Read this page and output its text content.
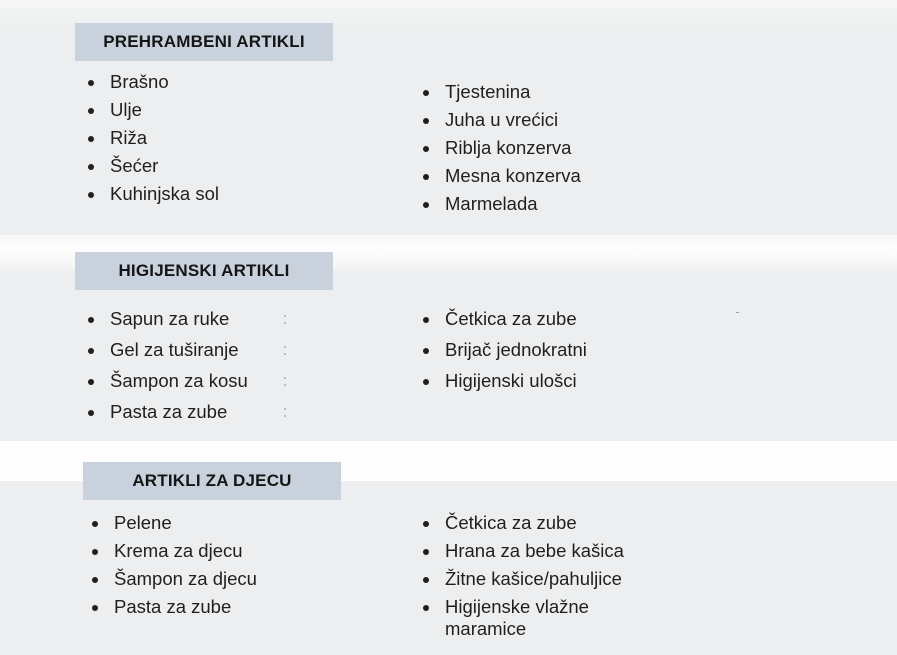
PREHRAMBENI ARTIKLI
Brašno
Ulje
Riža
Šećer
Kuhinjska sol
Tjestenina
Juha u vrećici
Riblja konzerva
Mesna konzerva
Marmelada
HIGIJENSKI ARTIKLI
Sapun za ruke
Gel za tuširanje
Šampon za kosu
Pasta za zube
Četkica za zube
Brijač jednokratni
Higijenski ulošci
ARTIKLI ZA DJECU
Pelene
Krema za djecu
Šampon za djecu
Pasta za zube
Četkica za zube
Hrana za bebe kašica
Žitne kašice/pahuljice
Higijenske vlažne maramice
